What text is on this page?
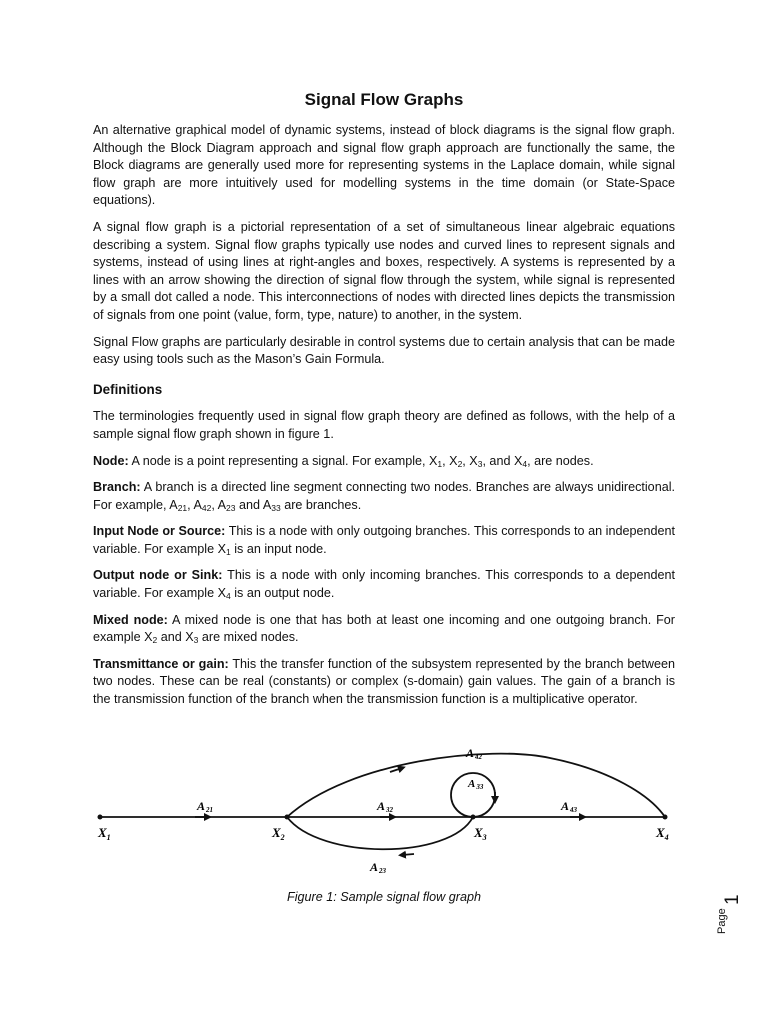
Signal Flow Graphs

An alternative graphical model of dynamic systems, instead of block diagrams is the signal flow graph. Although the Block Diagram approach and signal flow graph approach are functionally the same, the Block diagrams are generally used more for representing systems in the Laplace domain, while signal flow graph are more intuitively used for modelling systems in the time domain (or State-Space equations).

A signal flow graph is a pictorial representation of a set of simultaneous linear algebraic equations describing a system. Signal flow graphs typically use nodes and curved lines to represent signals and systems, instead of using lines at right-angles and boxes, respectively. A systems is represented by a lines with an arrow showing the direction of signal flow through the system, while signal is represented by a small dot called a node. This interconnections of nodes with directed lines depicts the transmission of signals from one point (value, form, type, nature) to another, in the system.

Signal Flow graphs are particularly desirable in control systems due to certain analysis that can be made easy using tools such as the Mason’s Gain Formula.

Definitions

The terminologies frequently used in signal flow graph theory are defined as follows, with the help of a sample signal flow graph shown in figure 1.

Node: A node is a point representing a signal. For example, $X_1$, $X_2$, $X_3$, and $X_4$, are nodes.

Branch: A branch is a directed line segment connecting two nodes. Branches are always unidirectional. For example, $A_{21}$, $A_{42}$, $A_{23}$ and $A_{33}$ are branches.

Input Node or Source: This is a node with only outgoing branches. This corresponds to an independent variable. For example $X_1$ is an input node.

Output node or Sink: This is a node with only incoming branches. This corresponds to a dependent variable. For example $X_4$ is an output node.

Mixed node: A mixed node is one that has both at least one incoming and one outgoing branch. For example $X_2$ and $X_3$ are mixed nodes.

Transmittance or gain: This the transfer function of the subsystem represented by the branch between two nodes. These can be real (constants) or complex (s-domain) gain values. The gain of a branch is the transmission function of the branch when the transmission function is a multiplicative operator.

$X_1$	$X_2$	$X_3$	$X_4$
A21	A32	A43
A42
A33
A23
Figure 1: Sample signal flow graph
Page
1
